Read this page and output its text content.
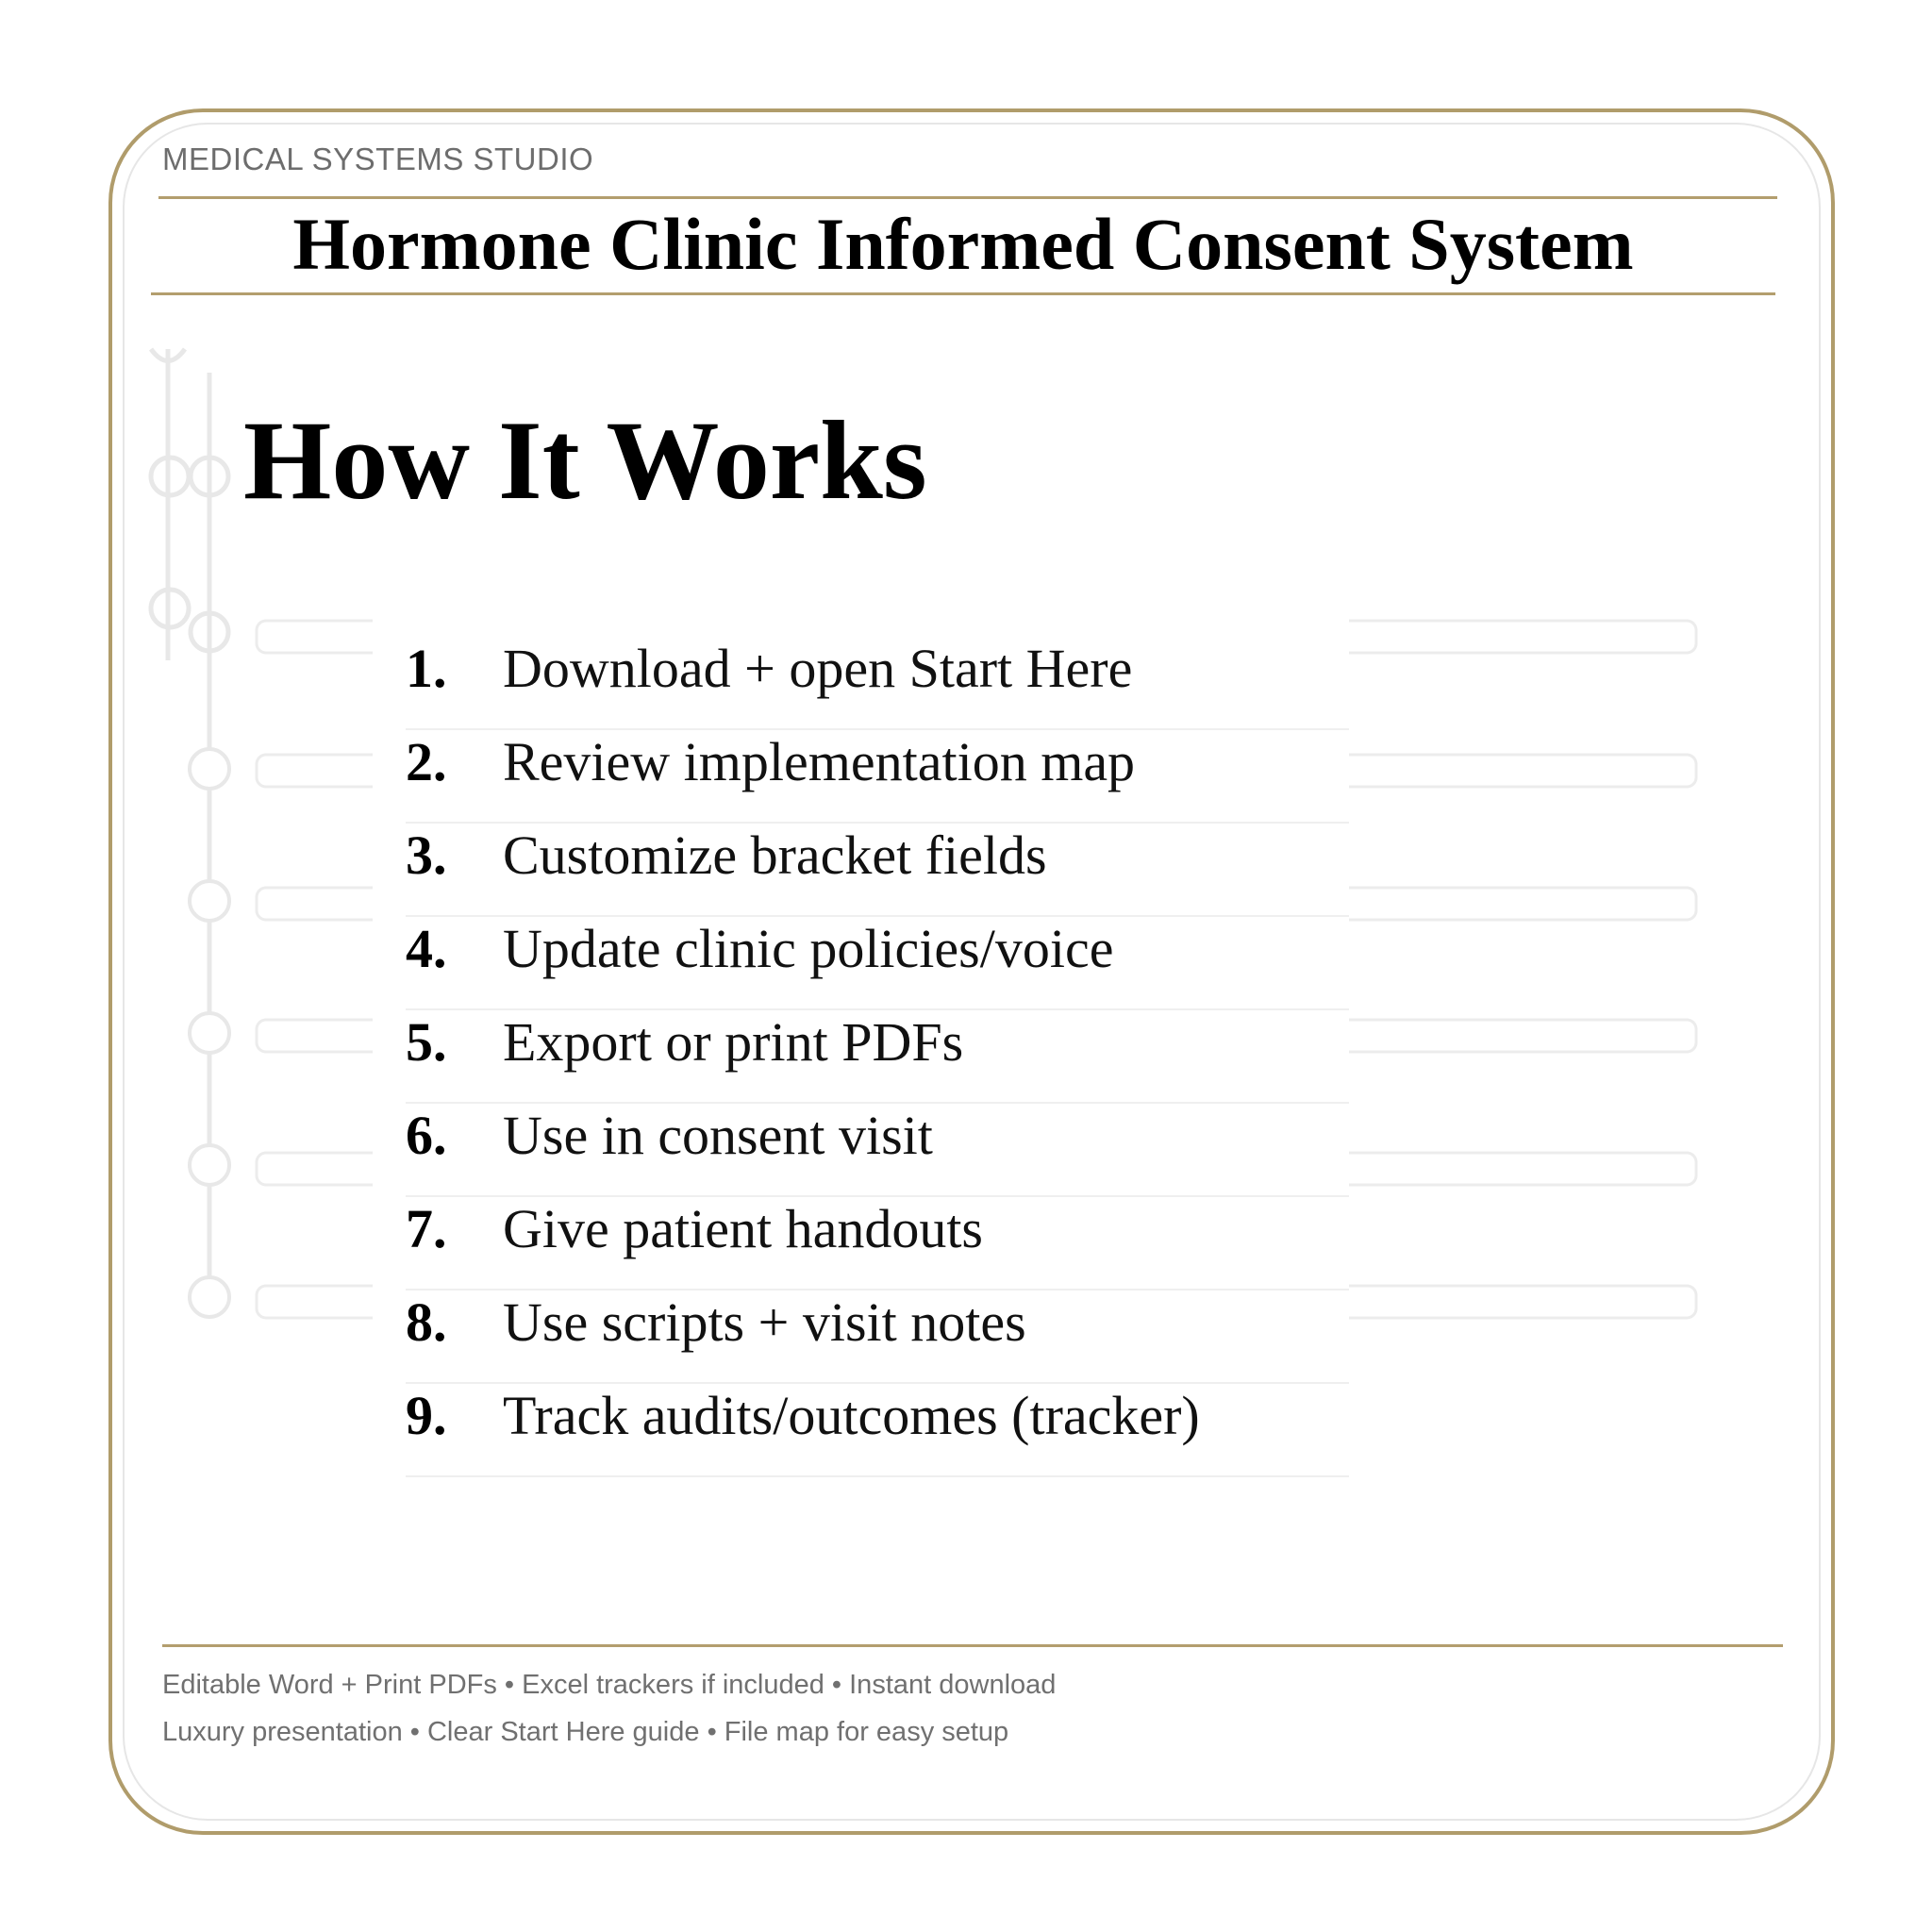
MEDICAL SYSTEMS STUDIO
Hormone Clinic Informed Consent System
How It Works
1.	Download + open Start Here
2.	Review implementation map
3.	Customize bracket fields
4.	Update clinic policies/voice
5.	Export or print PDFs
6.	Use in consent visit
7.	Give patient handouts
8.	Use scripts + visit notes
9.	Track audits/outcomes (tracker)
Editable Word + Print PDFs • Excel trackers if included • Instant download
Luxury presentation • Clear Start Here guide • File map for easy setup
